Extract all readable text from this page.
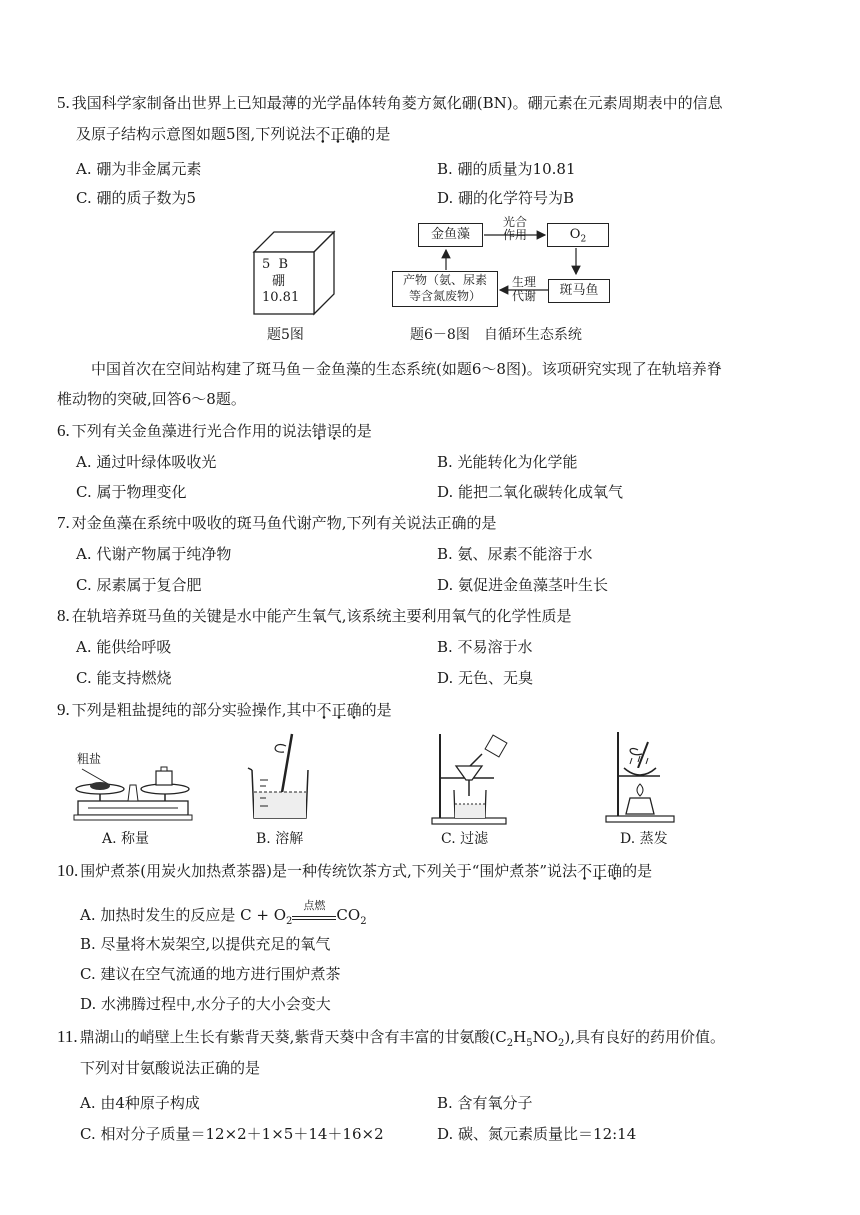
5. 我国科学家制备出世界上已知最薄的光学晶体转角菱方氮化硼(BN)。硼元素在元素周期表中的信息
及原子结构示意图如题5图,下列说法不正确的是
A. 硼为非金属元素	B. 硼的质量为10.81
C. 硼的质子数为5	D. 硼的化学符号为B
5 B
硼
10.81
题5图
金鱼藻	$O_2$
光合
作用
产物（氨、尿素
等含氮废物）
生理
代谢	斑马鱼
题6－8图　自循环生态系统
中国首次在空间站构建了斑马鱼－金鱼藻的生态系统(如题6～8图)。该项研究实现了在轨培养脊
椎动物的突破,回答6～8题。
6. 下列有关金鱼藻进行光合作用的说法错误的是
A. 通过叶绿体吸收光	B. 光能转化为化学能
C. 属于物理变化	D. 能把二氧化碳转化成氧气
7. 对金鱼藻在系统中吸收的斑马鱼代谢产物,下列有关说法正确的是
A. 代谢产物属于纯净物	B. 氨、尿素不能溶于水
C. 尿素属于复合肥	D. 氨促进金鱼藻茎叶生长
8. 在轨培养斑马鱼的关键是水中能产生氧气,该系统主要利用氧气的化学性质是
A. 能供给呼吸	B. 不易溶于水
C. 能支持燃烧	D. 无色、无臭
9. 下列是粗盐提纯的部分实验操作,其中不正确的是
粗盐
A. 称量	B. 溶解	C. 过滤	D. 蒸发
10. 围炉煮茶(用炭火加热煮茶器)是一种传统饮茶方式,下列关于“围炉煮茶”说法不正确的是
A. 加热时发生的反应是 $C + O_2$
点燃
$CO_2$
B. 尽量将木炭架空,以提供充足的氧气
C. 建议在空气流通的地方进行围炉煮茶
D. 水沸腾过程中,水分子的大小会变大
11. 鼎湖山的峭壁上生长有紫背天葵,紫背天葵中含有丰富的甘氨酸$(C_2H_5NO_2)$,具有良好的药用价值。
下列对甘氨酸说法正确的是
A. 由4种原子构成	B. 含有氧分子
C. 相对分子质量＝12×2＋1×5＋14＋16×2	D. 碳、氮元素质量比＝12:14
